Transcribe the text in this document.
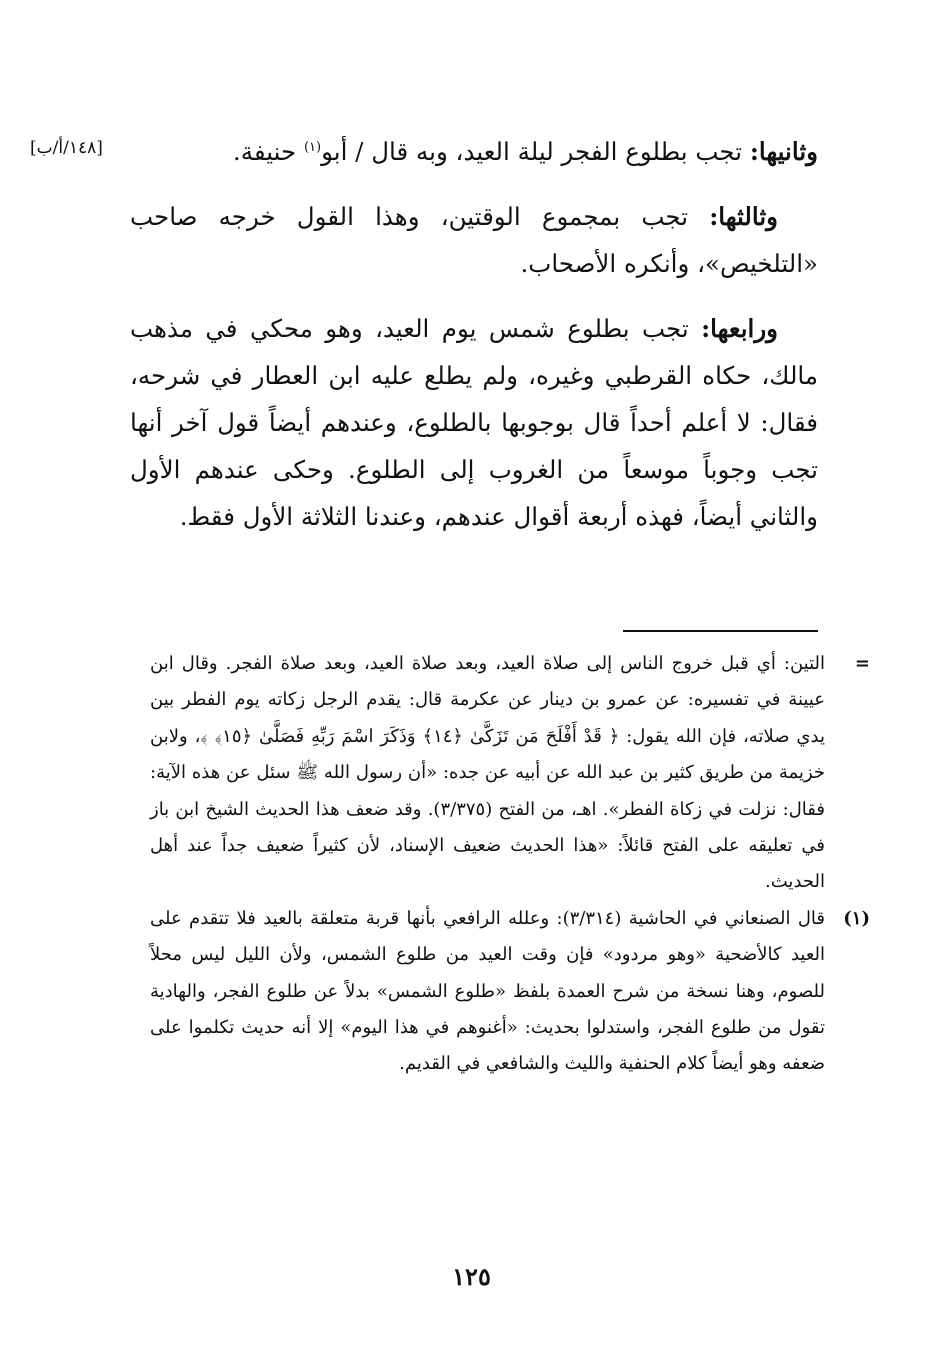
[١٤٨/أ/ب]	وثانيها: تجب بطلوع الفجر ليلة العيد، وبه قال / أبو$^{(١)}$ حنيفة.

وثالثها: تجب بمجموع الوقتين، وهذا القول خرجه صاحب «التلخيص»، وأنكره الأصحاب.

ورابعها: تجب بطلوع شمس يوم العيد، وهو محكي في مذهب مالك، حكاه القرطبي وغيره، ولم يطلع عليه ابن العطار في شرحه، فقال: لا أعلم أحداً قال بوجوبها بالطلوع، وعندهم أيضاً قول آخر أنها تجب وجوباً موسعاً من الغروب إلى الطلوع. وحكى عندهم الأول والثاني أيضاً، فهذه أربعة أقوال عندهم، وعندنا الثلاثة الأول فقط.

=
التين: أي قبل خروج الناس إلى صلاة العيد، وبعد صلاة العيد، وبعد صلاة الفجر. وقال ابن عيينة في تفسيره: عن عمرو بن دينار عن عكرمة قال: يقدم الرجل زكاته يوم الفطر بين يدي صلاته، فإن الله يقول: ﴿ قَدْ أَفْلَحَ مَن تَزَكَّىٰ ﴿١٤﴾ وَذَكَرَ اسْمَ رَبِّهِ فَصَلَّىٰ ﴿١٥﴾ ﴾، ولابن خزيمة من طريق كثير بن عبد الله عن أبيه عن جده: «أن رسول الله ﷺ سئل عن هذه الآية: فقال: نزلت في زكاة الفطر». اهـ، من الفتح (٣/٣٧٥). وقد ضعف هذا الحديث الشيخ ابن باز في تعليقه على الفتح قائلاً: «هذا الحديث ضعيف الإسناد، لأن كثيراً ضعيف جداً عند أهل الحديث.

(١)
قال الصنعاني في الحاشية (٣/٣١٤): وعلله الرافعي بأنها قربة متعلقة بالعيد فلا تتقدم على العيد كالأضحية «وهو مردود» فإن وقت العيد من طلوع الشمس، ولأن الليل ليس محلاً للصوم، وهنا نسخة من شرح العمدة بلفظ «طلوع الشمس» بدلاً عن طلوع الفجر، والهادية تقول من طلوع الفجر، واستدلوا بحديث: «أغنوهم في هذا اليوم» إلا أنه حديث تكلموا على ضعفه وهو أيضاً كلام الحنفية والليث والشافعي في القديم.

١٢٥
